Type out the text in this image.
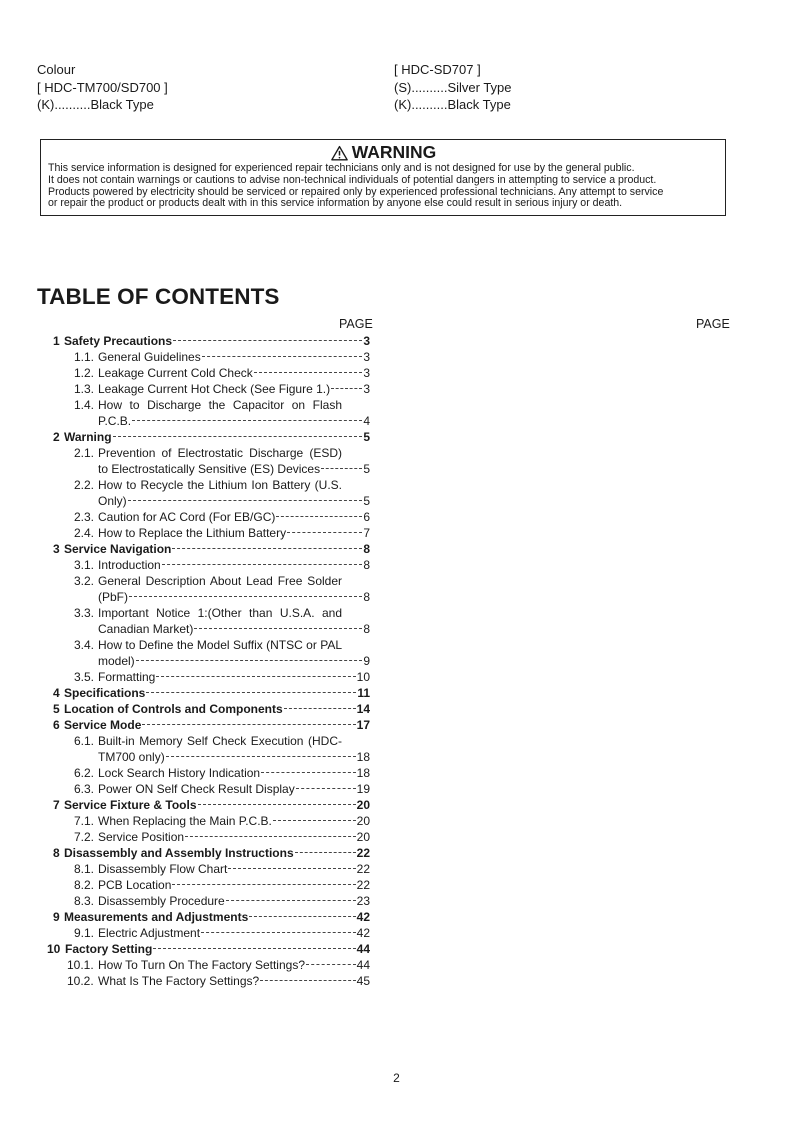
Colour
[ HDC-TM700/SD700 ]
(K)..........Black Type
[ HDC-SD707 ]
(S)..........Silver Type
(K)..........Black Type
WARNING
This service information is designed for experienced repair technicians only and is not designed for use by the general public.
It does not contain warnings or cautions to advise non-technical individuals of potential dangers in attempting to service a product.
Products powered by electricity should be serviced or repaired only by experienced professional technicians. Any attempt to service
or repair the product or products dealt with in this service information by anyone else could result in serious injury or death.
TABLE OF CONTENTS
PAGE	PAGE
1 Safety Precautions	3
1.1. General Guidelines	3
1.2. Leakage Current Cold Check	3
1.3. Leakage Current Hot Check (See Figure 1.)	3
1.4. How to Discharge the Capacitor on Flash
P.C.B.	4
2 Warning	5
2.1. Prevention of Electrostatic Discharge (ESD)
to Electrostatically Sensitive (ES) Devices	5
2.2. How to Recycle the Lithium Ion Battery (U.S.
Only)	5
2.3. Caution for AC Cord (For EB/GC)	6
2.4. How to Replace the Lithium Battery	7
3 Service Navigation	8
3.1. Introduction	8
3.2. General Description About Lead Free Solder
(PbF)	8
3.3. Important Notice 1:(Other than U.S.A. and
Canadian Market)	8
3.4. How to Define the Model Suffix (NTSC or PAL
model)	9
3.5. Formatting	10
4 Specifications	11
5 Location of Controls and Components	14
6 Service Mode	17
6.1. Built-in Memory Self Check Execution (HDC-
TM700 only)	18
6.2. Lock Search History Indication	18
6.3. Power ON Self Check Result Display	19
7 Service Fixture & Tools	20
7.1. When Replacing the Main P.C.B.	20
7.2. Service Position	20
8 Disassembly and Assembly Instructions	22
8.1. Disassembly Flow Chart	22
8.2. PCB Location	22
8.3. Disassembly Procedure	23
9 Measurements and Adjustments	42
9.1. Electric Adjustment	42
10 Factory Setting	44
10.1. How To Turn On The Factory Settings?	44
10.2. What Is The Factory Settings?	45
2
